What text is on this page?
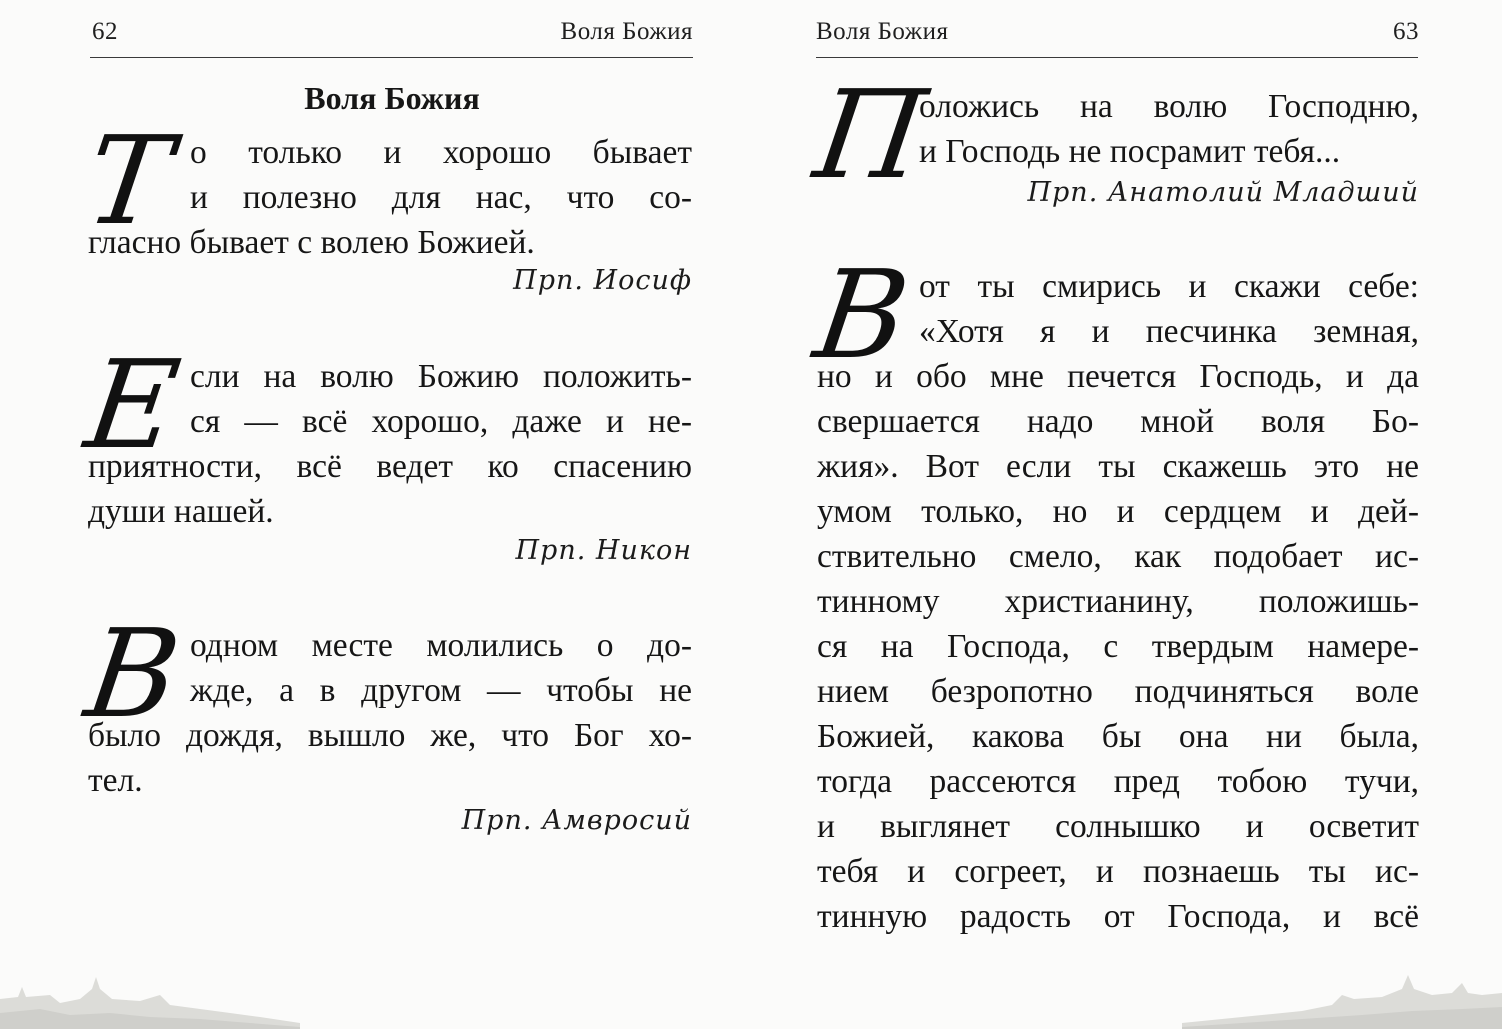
62	Воля Божия
Воля Божия
Т о только и хорошо бывает
и полезно для нас, что со-
гласно бывает с волею Божией.
Прп. Иосиф
Е сли на волю Божию положить-
ся — всё хорошо, даже и не-
приятности, всё ведет ко спасению
души нашей.
Прп. Никон
В одном месте молились о до-
жде, а в другом — чтобы не
было дождя, вышло же, что Бог хо-
тел.
Прп. Амвросий
Воля Божия	63
П
оложись на волю Господню,
и Господь не посрамит тебя...
Прп. Анатолий Младший
В от ты смирись и скажи себе:
«Хотя я и песчинка земная,
но и обо мне печется Господь, и да
свершается надо мной воля Бо-
жия». Вот если ты скажешь это не
умом только, но и сердцем и дей-
ствительно смело, как подобает ис-
тинному христианину, положишь-
ся на Господа, с твердым намере-
нием безропотно подчиняться воле
Божией, какова бы она ни была,
тогда рассеются пред тобою тучи,
и выглянет солнышко и осветит
тебя и согреет, и познаешь ты ис-
тинную радость от Господа, и всё
